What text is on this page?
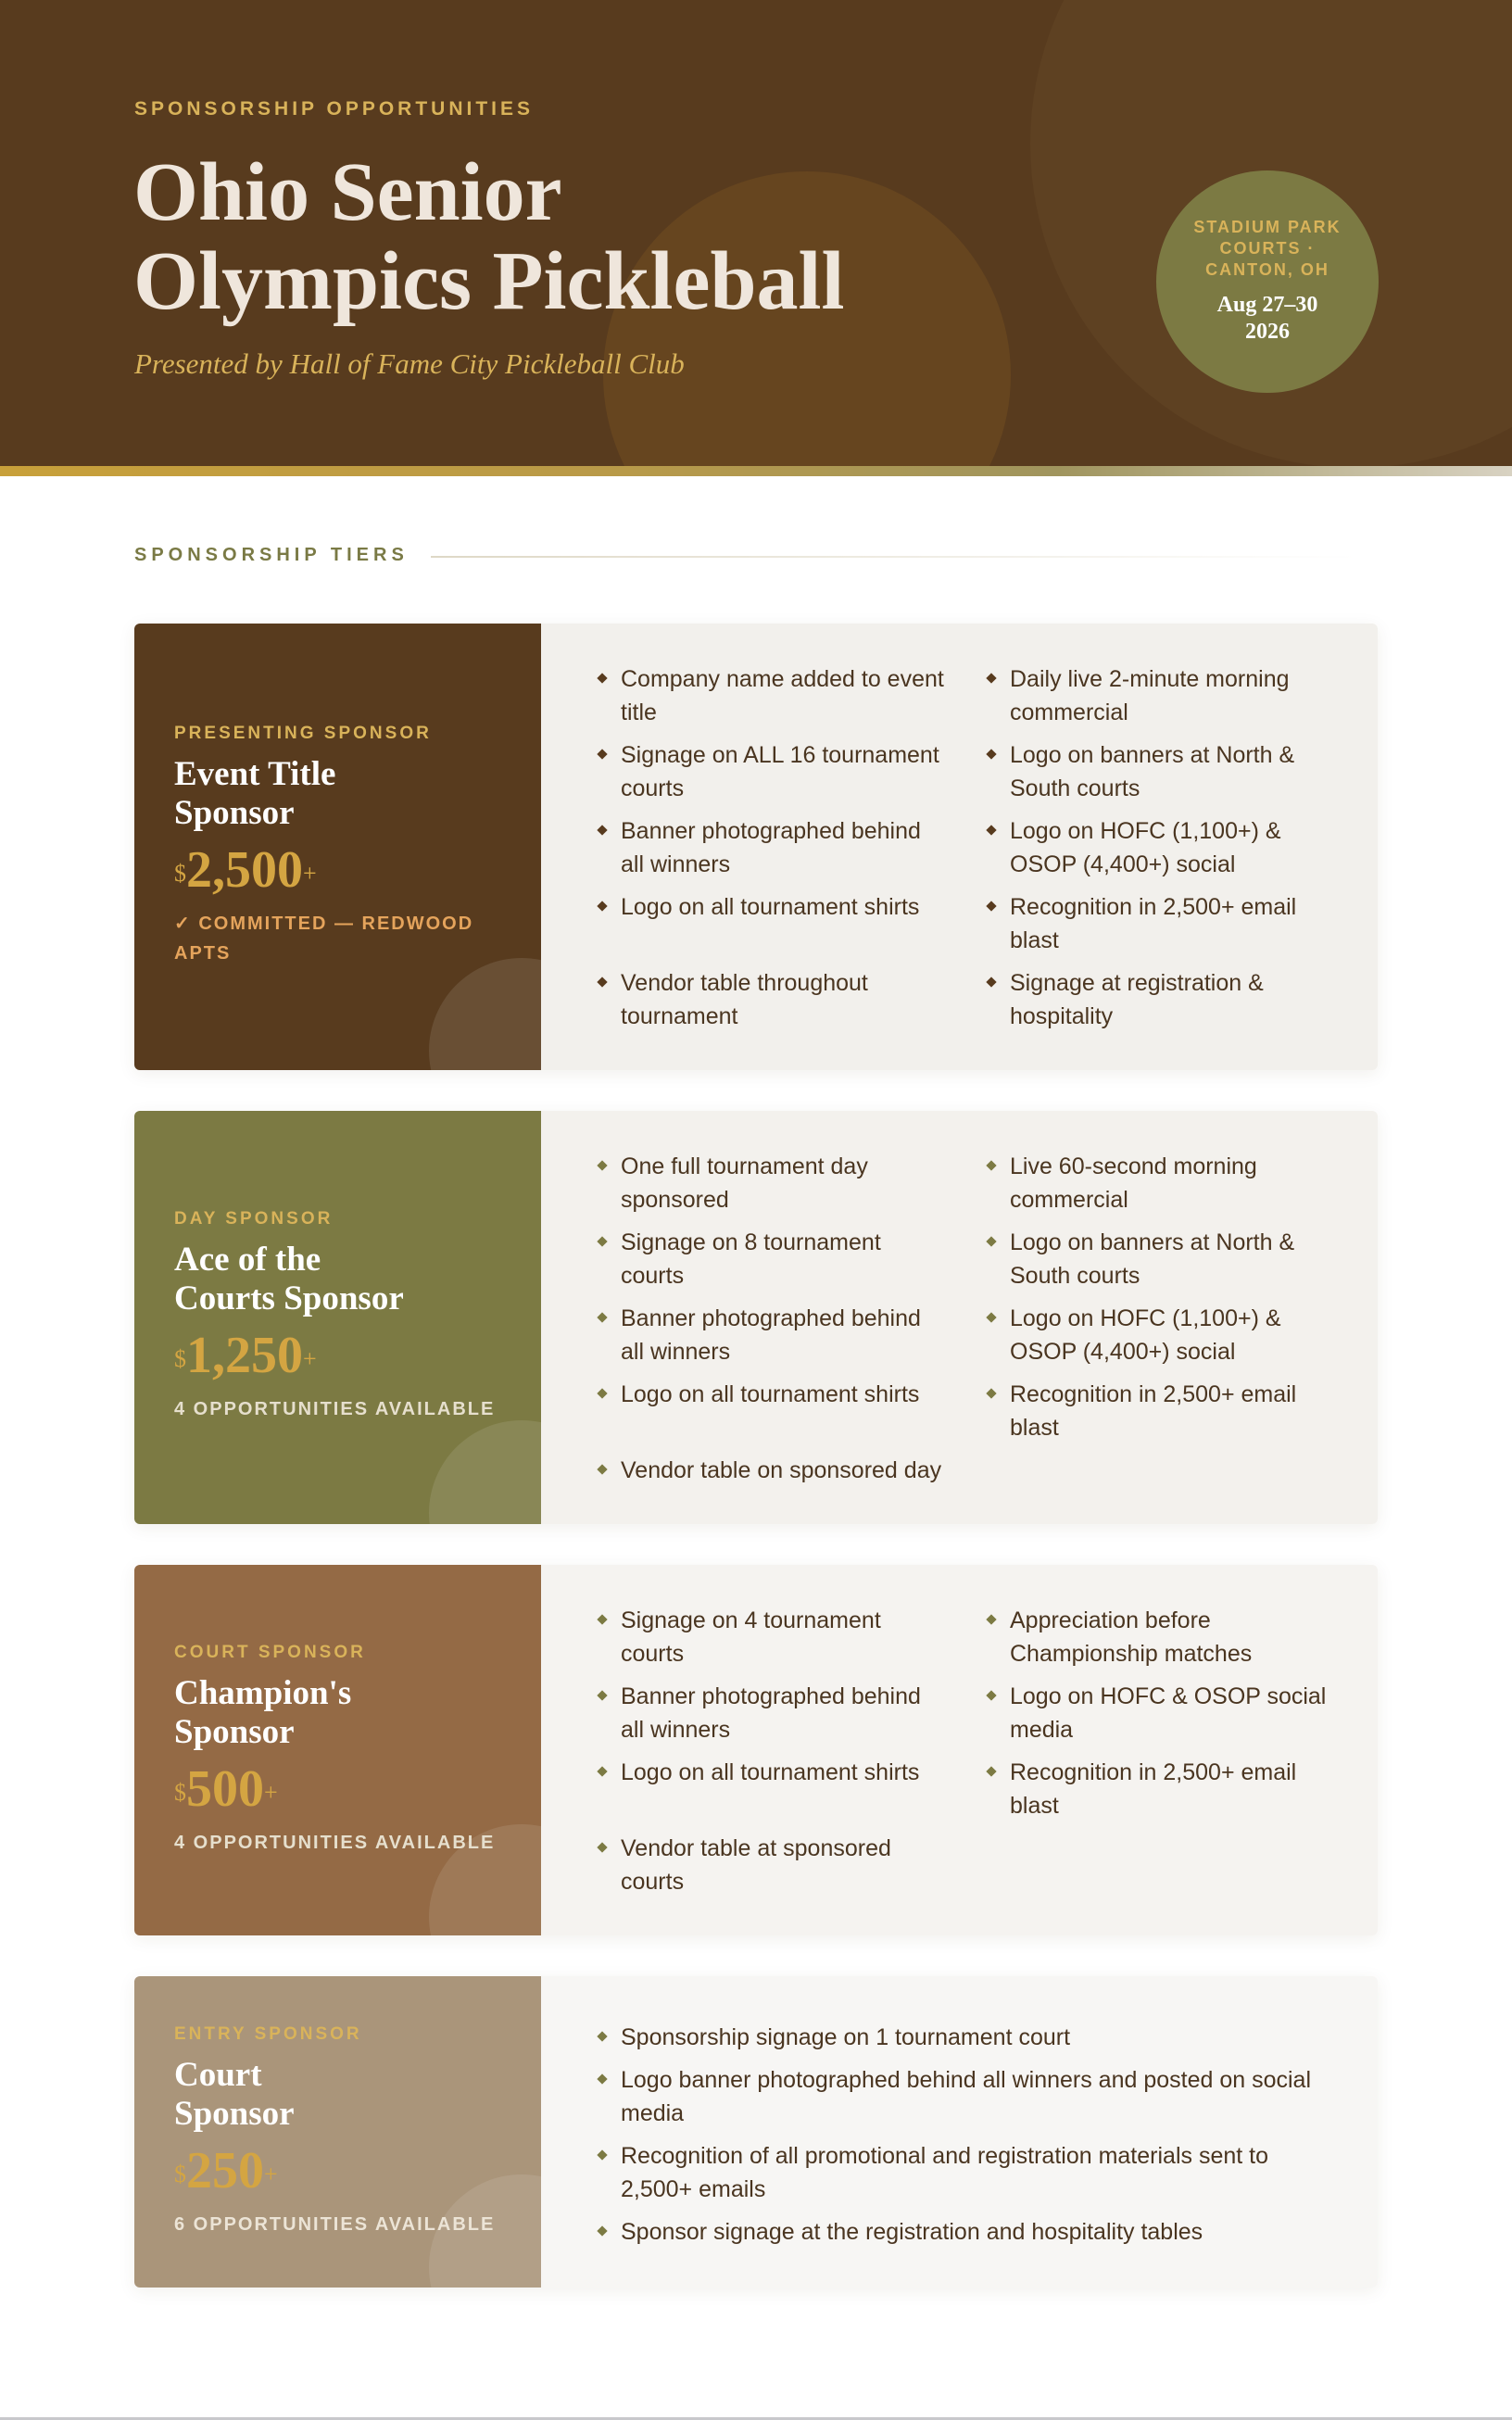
SPONSORSHIP OPPORTUNITIES
Ohio Senior
Olympics Pickleball
Presented by Hall of Fame City Pickleball Club
STADIUM PARK COURTS · CANTON, OH
Aug 27–30
2026
SPONSORSHIP TIERS
PRESENTING SPONSOR
Event Title
Sponsor
$2,500+
✓ COMMITTED — REDWOOD APTS
Company name added to event title
Daily live 2-minute morning commercial
Signage on ALL 16 tournament courts
Logo on banners at North & South courts
Banner photographed behind all winners
Logo on HOFC (1,100+) & OSOP (4,400+) social
Logo on all tournament shirts	Recognition in 2,500+ email blast
Vendor table throughout tournament
Signage at registration & hospitality
DAY SPONSOR
Ace of the
Courts Sponsor
$1,250+
4 OPPORTUNITIES AVAILABLE
One full tournament day sponsored
Live 60-second morning commercial
Signage on 8 tournament courts
Logo on banners at North & South courts
Banner photographed behind all winners
Logo on HOFC (1,100+) & OSOP (4,400+) social
Logo on all tournament shirts	Recognition in 2,500+ email blast
Vendor table on sponsored day
COURT SPONSOR
Champion's
Sponsor
$500+
4 OPPORTUNITIES AVAILABLE
Signage on 4 tournament courts
Appreciation before Championship matches
Banner photographed behind all winners
Logo on HOFC & OSOP social media
Logo on all tournament shirts	Recognition in 2,500+ email blast
Vendor table at sponsored courts
ENTRY SPONSOR
Court
Sponsor
$250+
6 OPPORTUNITIES AVAILABLE
Sponsorship signage on 1 tournament court
Logo banner photographed behind all winners and posted on social media
Recognition of all promotional and registration materials sent to 2,500+ emails
Sponsor signage at the registration and hospitality tables
